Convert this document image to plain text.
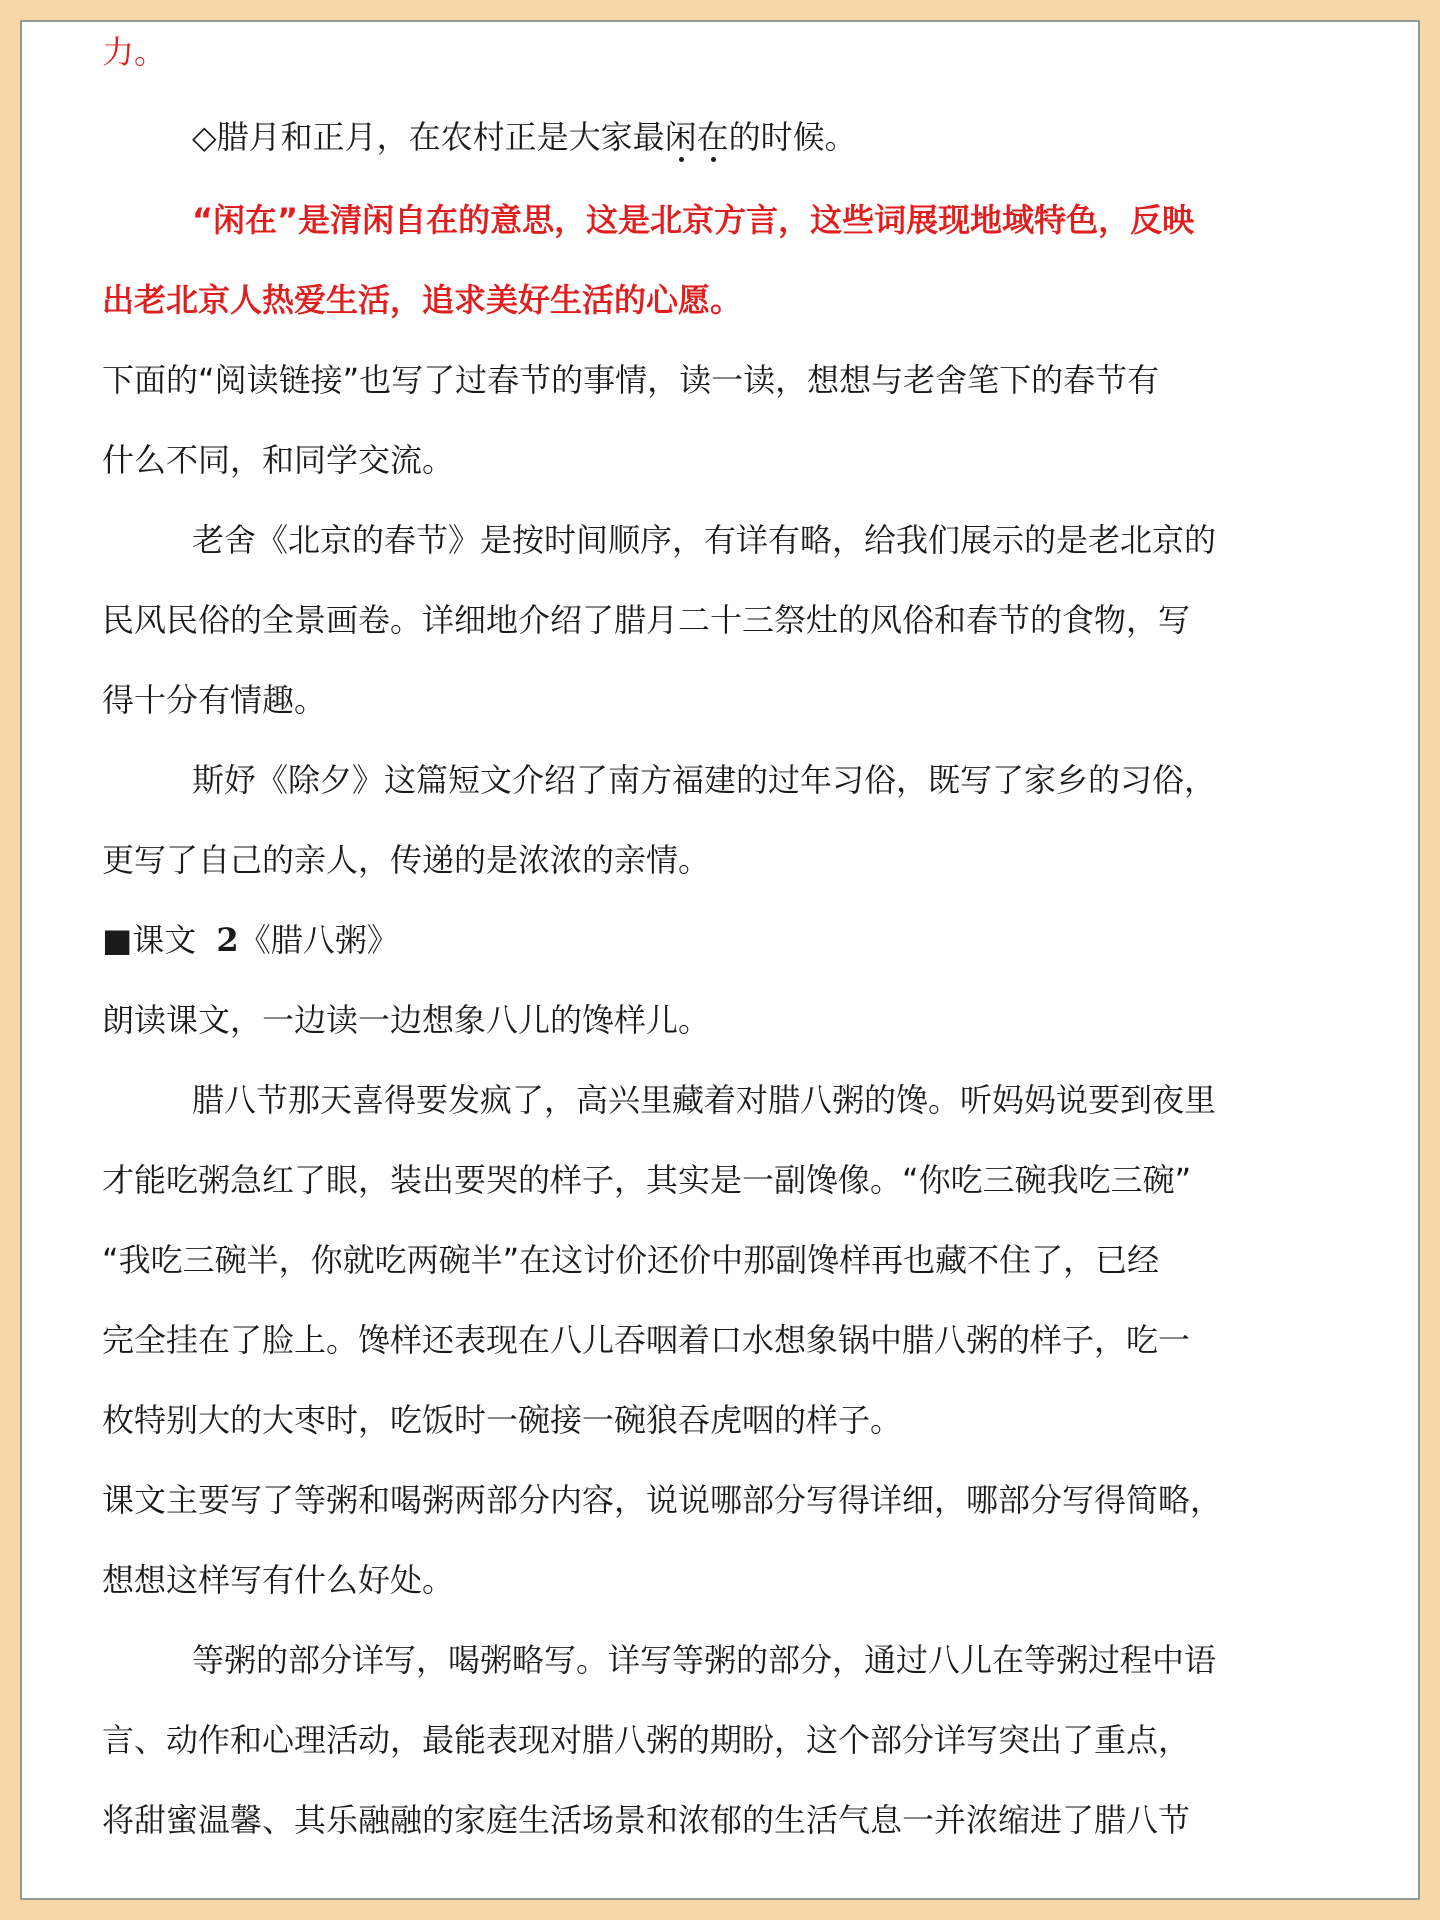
力。
◇腊月和正月，在农村正是大家最闲在的时候。
“闲在”是清闲自在的意思，这是北京方言，这些词展现地域特色，反映
出老北京人热爱生活，追求美好生活的心愿。
下面的“阅读链接”也写了过春节的事情，读一读，想想与老舍笔下的春节有
什么不同，和同学交流。
老舍《北京的春节》是按时间顺序，有详有略，给我们展示的是老北京的
民风民俗的全景画卷。详细地介绍了腊月二十三祭灶的风俗和春节的食物，写
得十分有情趣。
斯妤《除夕》这篇短文介绍了南方福建的过年习俗，既写了家乡的习俗，
更写了自己的亲人，传递的是浓浓的亲情。
■课文 2《腊八粥》
朗读课文，一边读一边想象八儿的馋样儿。
腊八节那天喜得要发疯了，高兴里藏着对腊八粥的馋。听妈妈说要到夜里
才能吃粥急红了眼，装出要哭的样子，其实是一副馋像。“你吃三碗我吃三碗”
“我吃三碗半，你就吃两碗半”在这讨价还价中那副馋样再也藏不住了，已经
完全挂在了脸上。馋样还表现在八儿吞咽着口水想象锅中腊八粥的样子，吃一
枚特别大的大枣时，吃饭时一碗接一碗狼吞虎咽的样子。
课文主要写了等粥和喝粥两部分内容，说说哪部分写得详细，哪部分写得简略，
想想这样写有什么好处。
等粥的部分详写，喝粥略写。详写等粥的部分，通过八儿在等粥过程中语
言、动作和心理活动，最能表现对腊八粥的期盼，这个部分详写突出了重点，
将甜蜜温馨、其乐融融的家庭生活场景和浓郁的生活气息一并浓缩进了腊八节
